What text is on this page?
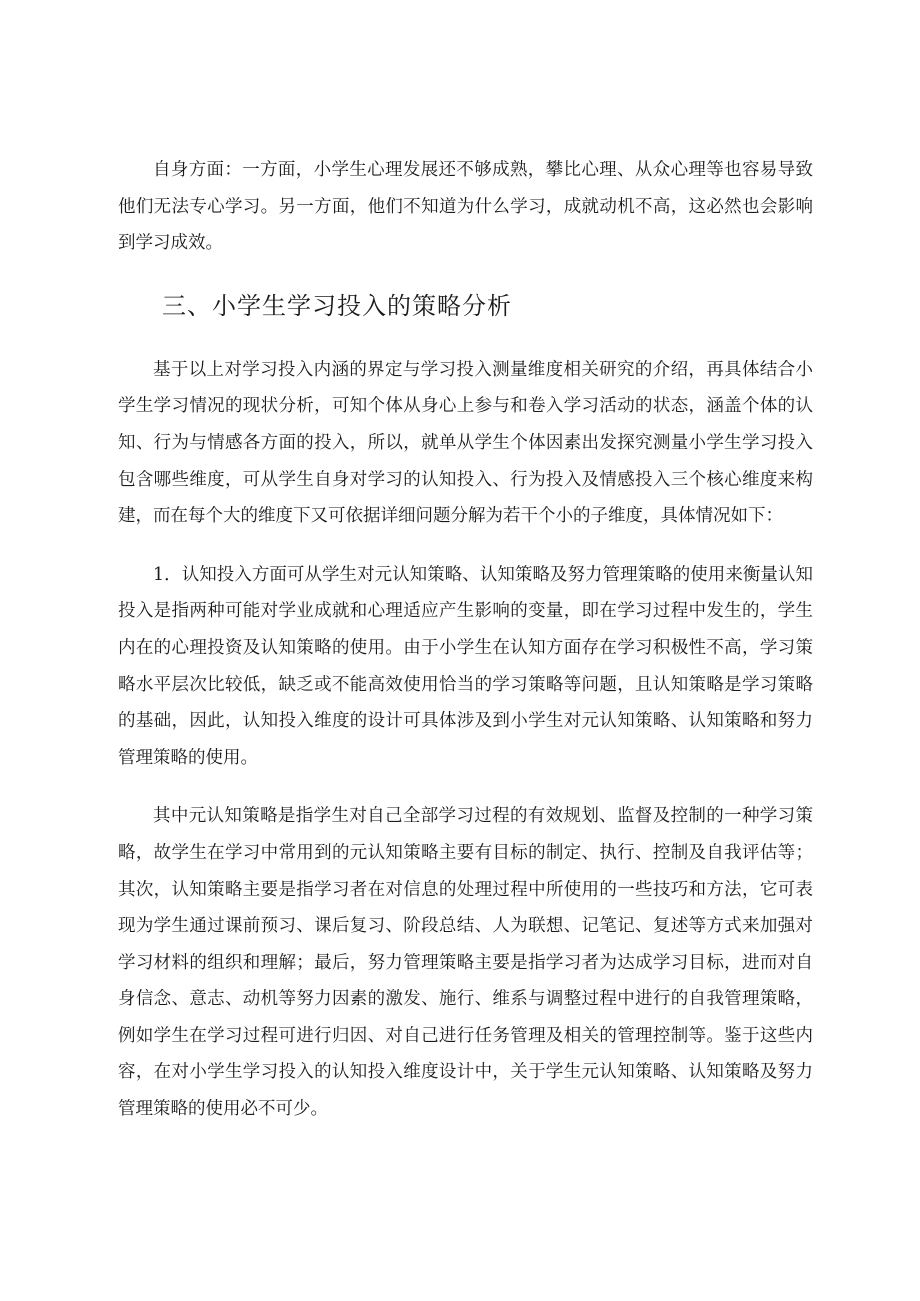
自身方面：一方面，小学生心理发展还不够成熟，攀比心理、从众心理等也容易导致他们无法专心学习。另一方面，他们不知道为什么学习，成就动机不高，这必然也会影响到学习成效。

三、小学生学习投入的策略分析

基于以上对学习投入内涵的界定与学习投入测量维度相关研究的介绍，再具体结合小学生学习情况的现状分析，可知个体从身心上参与和卷入学习活动的状态，涵盖个体的认知、行为与情感各方面的投入，所以，就单从学生个体因素出发探究测量小学生学习投入包含哪些维度，可从学生自身对学习的认知投入、行为投入及情感投入三个核心维度来构建，而在每个大的维度下又可依据详细问题分解为若干个小的子维度，具体情况如下：

1．认知投入方面可从学生对元认知策略、认知策略及努力管理策略的使用来衡量认知投入是指两种可能对学业成就和心理适应产生影响的变量，即在学习过程中发生的，学生内在的心理投资及认知策略的使用。由于小学生在认知方面存在学习积极性不高，学习策略水平层次比较低，缺乏或不能高效使用恰当的学习策略等问题，且认知策略是学习策略的基础，因此，认知投入维度的设计可具体涉及到小学生对元认知策略、认知策略和努力管理策略的使用。

其中元认知策略是指学生对自己全部学习过程的有效规划、监督及控制的一种学习策略，故学生在学习中常用到的元认知策略主要有目标的制定、执行、控制及自我评估等；其次，认知策略主要是指学习者在对信息的处理过程中所使用的一些技巧和方法，它可表现为学生通过课前预习、课后复习、阶段总结、人为联想、记笔记、复述等方式来加强对学习材料的组织和理解；最后，努力管理策略主要是指学习者为达成学习目标，进而对自身信念、意志、动机等努力因素的激发、施行、维系与调整过程中进行的自我管理策略，例如学生在学习过程可进行归因、对自己进行任务管理及相关的管理控制等。鉴于这些内容，在对小学生学习投入的认知投入维度设计中，关于学生元认知策略、认知策略及努力管理策略的使用必不可少。
